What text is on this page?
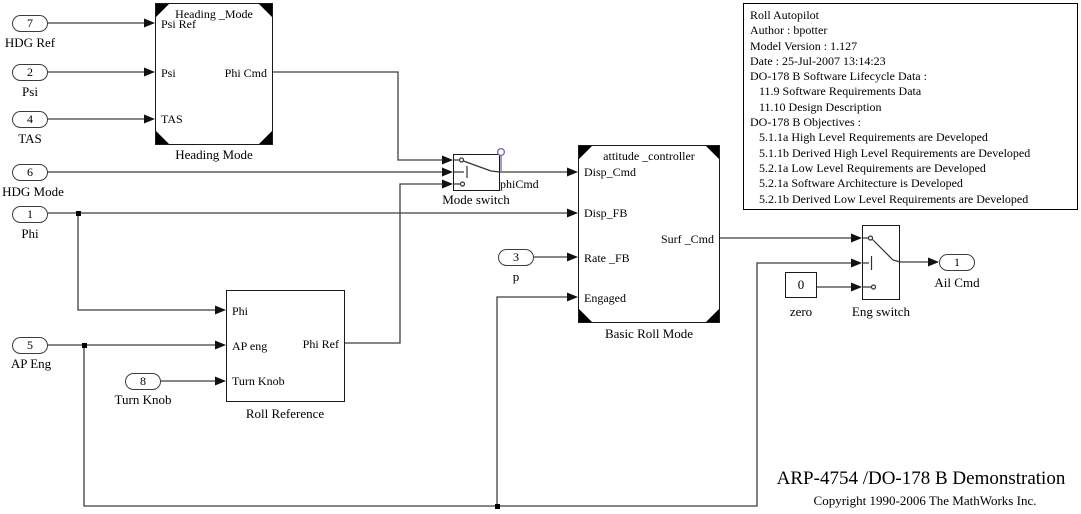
7
HDG Ref
2
Psi
4
TAS
6
HDG Mode
1
Phi
5
AP Eng
8
Turn Knob
3
p
1
Ail Cmd
Heading _Mode
Psi Ref
Psi
TAS
Phi Cmd
Heading Mode
Phi
AP eng
Turn Knob
Phi Ref
Roll Reference
attitude _controller
Disp_Cmd
Disp_FB
Rate _FB
Engaged
Surf _Cmd
Basic Roll Mode
Mode switch
phiCmd
Eng switch
0
zero
Roll Autopilot
Author : bpotter
Model Version : 1.127
Date : 25-Jul-2007 13:14:23
DO-178 B Software Lifecycle Data :
11.9 Software Requirements Data
11.10 Design Description
DO-178 B Objectives :
5.1.1a High Level Requirements are Developed
5.1.1b Derived High Level Requirements are Developed
5.2.1a Low Level Requirements are Developed
5.2.1a Software Architecture is Developed
5.2.1b Derived Low Level Requirements are Developed
ARP-4754 /DO-178 B Demonstration
Copyright 1990-2006 The MathWorks Inc.
